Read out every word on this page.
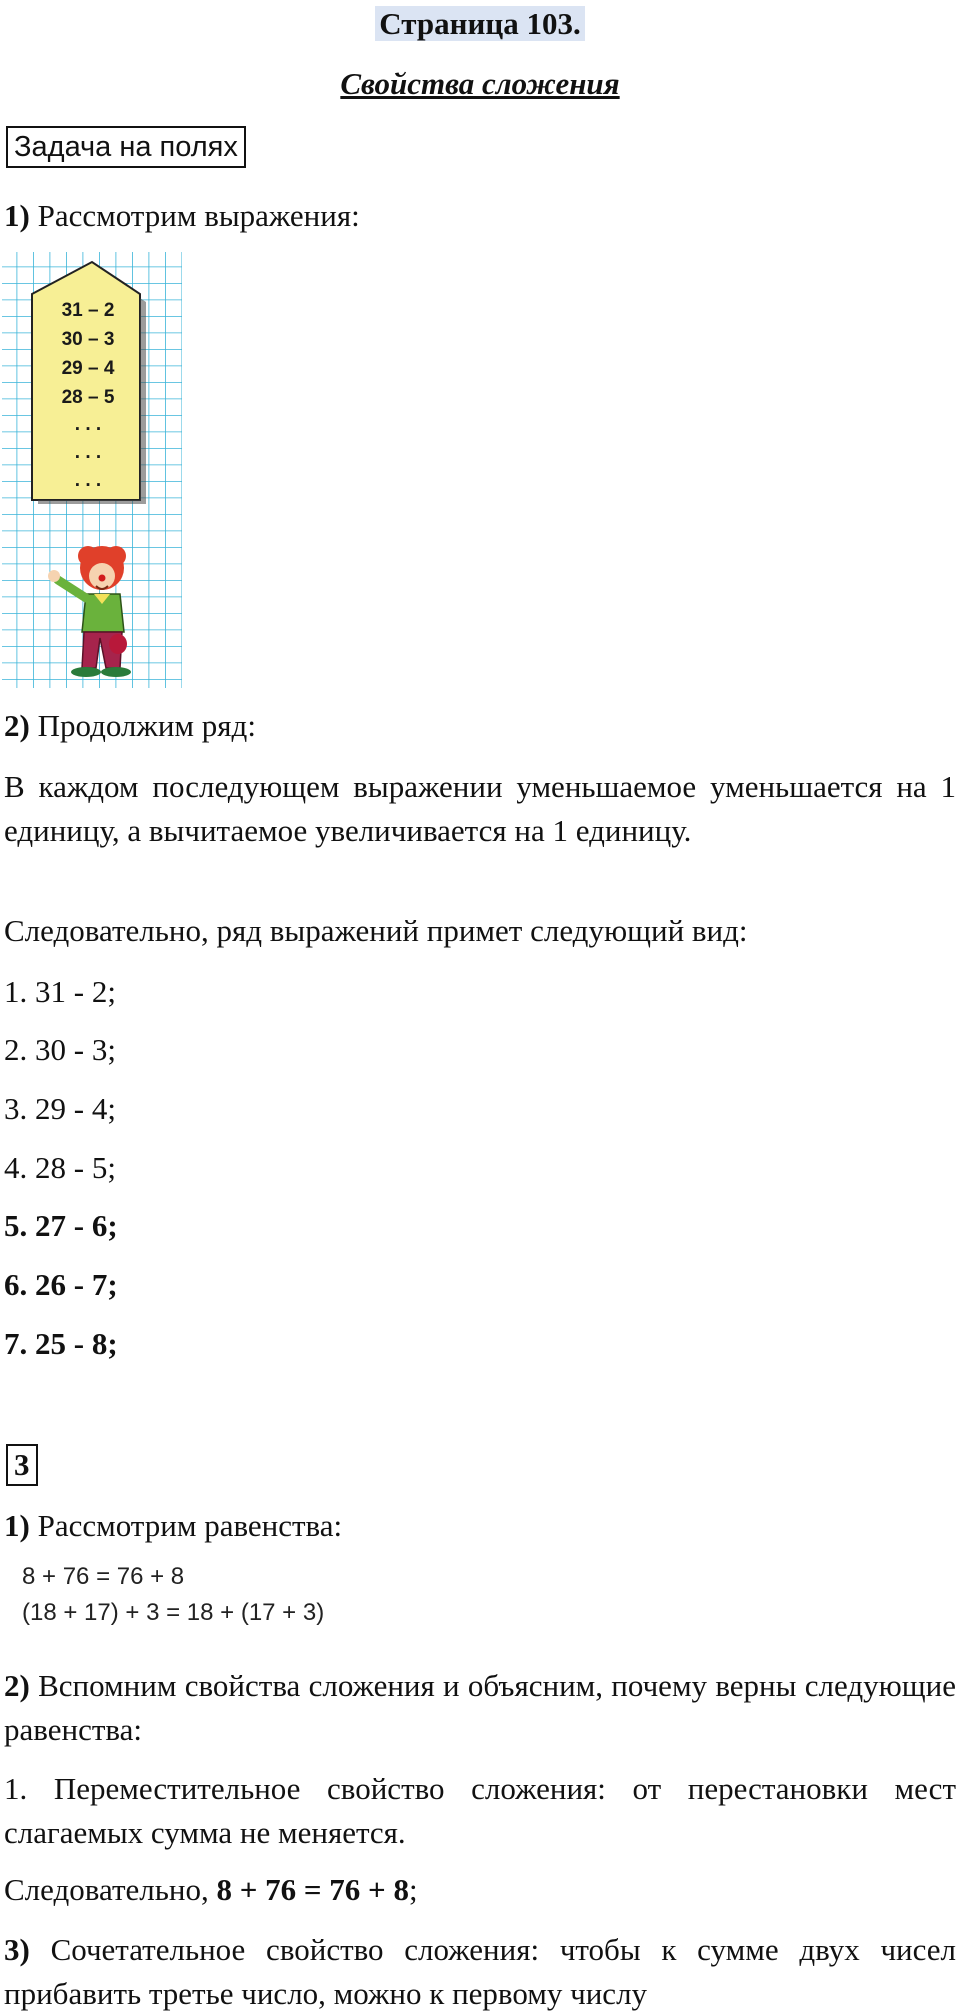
Страница 103.
Свойства сложения
Задача на полях
1) Рассмотрим выражения:
31 – 2
30 – 3
29 – 4
28 – 5
. . .
. . .
. . .
2) Продолжим ряд:
В каждом последующем выражении уменьшаемое уменьшается на 1 единицу, а вычитаемое увеличивается на 1 единицу.
Следовательно, ряд выражений примет следующий вид:
1. 31 - 2;
2. 30 - 3;
3. 29 - 4;
4. 28 - 5;
5. 27 - 6;
6. 26 - 7;
7. 25 - 8;
3
1) Рассмотрим равенства:
8 + 76 = 76 + 8
(18 + 17) + 3 = 18 + (17 + 3)
2) Вспомним свойства сложения и объясним, почему верны следующие равенства:
1. Переместительное свойство сложения: от перестановки мест слагаемых сумма не меняется.
Следовательно, 8 + 76 = 76 + 8;
3) Сочетательное свойство сложения: чтобы к сумме двух чисел прибавить третье число, можно к первому числу
